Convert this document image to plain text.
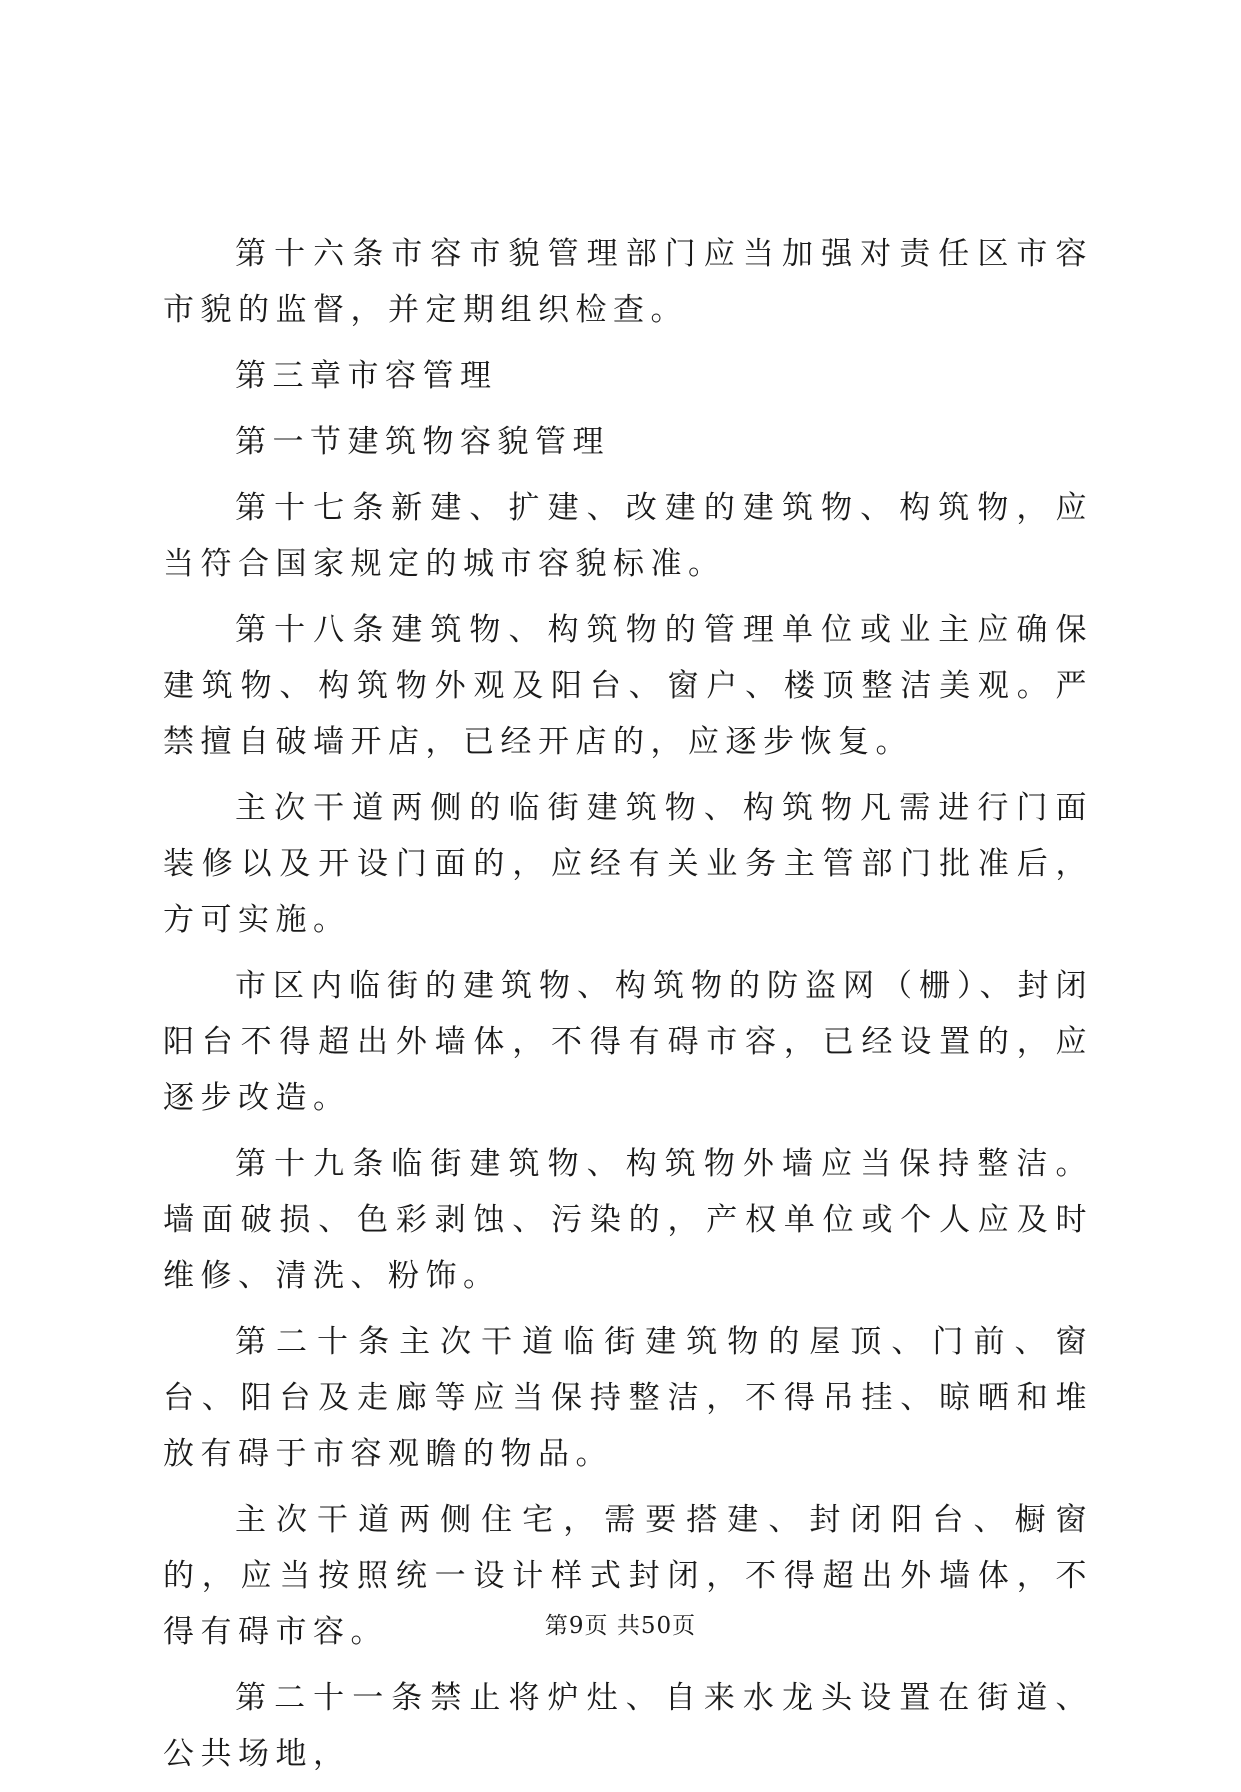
第十六条市容市貌管理部门应当加强对责任区市容市貌的监督，并定期组织检查。

第三章市容管理

第一节建筑物容貌管理

第十七条新建、扩建、改建的建筑物、构筑物，应当符合国家规定的城市容貌标准。

第十八条建筑物、构筑物的管理单位或业主应确保建筑物、构筑物外观及阳台、窗户、楼顶整洁美观。严禁擅自破墙开店，已经开店的，应逐步恢复。

主次干道两侧的临街建筑物、构筑物凡需进行门面装修以及开设门面的，应经有关业务主管部门批准后，方可实施。

市区内临街的建筑物、构筑物的防盗网（栅）、封闭阳台不得超出外墙体，不得有碍市容，已经设置的，应逐步改造。

第十九条临街建筑物、构筑物外墙应当保持整洁。墙面破损、色彩剥蚀、污染的，产权单位或个人应及时维修、清洗、粉饰。

第二十条主次干道临街建筑物的屋顶、门前、窗台、阳台及走廊等应当保持整洁，不得吊挂、晾晒和堆放有碍于市容观瞻的物品。

主次干道两侧住宅，需要搭建、封闭阳台、橱窗的，应当按照统一设计样式封闭，不得超出外墙体，不得有碍市容。

第二十一条禁止将炉灶、自来水龙头设置在街道、公共场地，

第9页 共50页
